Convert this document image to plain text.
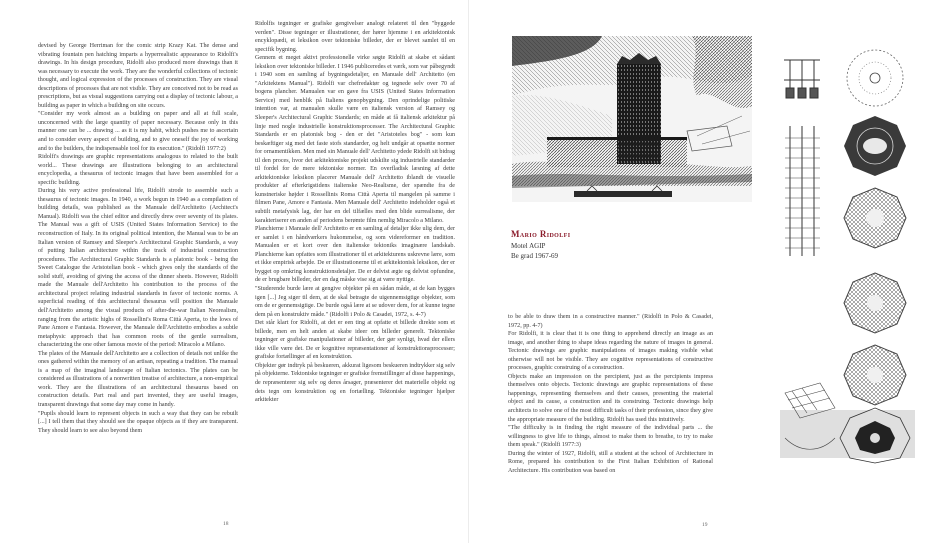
devised by George Herriman for the comic strip Krazy Kat. The dense and vibrating fountain pen hatching imparts a hyperrealistic appearance to Ridolfi's drawings. In his design procedure, Ridolfi also produced more drawings than it was necessary to execute the work. They are the wonderful collections of tectonic thought, and logical expression of the processes of construction. They are visual descriptions of processes that are not visible. They are conceived not to be read as prescriptions, but as visual suggestions carrying out a display of tectonic labour, a building as paper in which a building on site occurs.

"Consider my work almost as a building on paper and all at full scale, unconcerned with the large quantity of paper necessary. Because only in this manner one can be ... drawing ... as it is my habit, which pushes me to ascertain and to consider every aspect of building, and to give oneself the joy of working and to the builders, the indispensable tool for its execution." (Ridolfi 1977:2)

Ridolfi's drawings are graphic representations analogous to related to the built world... These drawings are illustrations belonging to an architectural encyclopedia, a thesaurus of tectonic images that have been assembled for a specific building.

During his very active professional life, Ridolfi strode to assemble such a thesaurus of tectonic images. In 1940, a work begun in 1940 as a compilation of building details, was published as the Manuale dell'Architetto (Architect's Manual). Ridolfi was the chief editor and directly drew over seventy of its plates. The Manual was a gift of USIS (United States Information Service) to the reconstruction of Italy. In its original political intention, the Manual was to be an Italian version of Ramsey and Sleeper's Architectural Graphic Standards, a way of putting Italian architecture within the track of industrial construction procedures. The Architectural Graphic Standards is a platonic book - being the Sweet Catalogue the Aristotelian book - which gives only the standards of the solid stuff, avoiding of giving the access of the dinner sheets. However, Ridolfi made the Manuale dell'Architetto his contribution to the process of the architectural project relating industrial standards in favor of tectonic norms. A superficial reading of this architectural thesaurus will position the Manuale dell'Architetto among the visual products of after-the-war Italian Neorealism, ranging from the artistic highs of Rossellini's Roma Città Aperta, to the lows of Pane Amore e Fantasia. However, the Manuale dell'Architetto embodies a subtle metaphysic approach that has common roots of the gentle surrealism, characterizing the one other famous movie of the period: Miracolo a Milano.

The plates of the Manuale dell'Architetto are a collection of details not unlike the ones gathered within the memory of an artisan, repeating a tradition. The manual is a map of the imaginal landscape of Italian tectonics. The plates can be considered as illustrations of a nonwritten treatise of architecture, a non-empirical work. They are the illustrations of an architectural thesaurus based on construction details. Part real and part invented, they are useful images, transparent drawings that some day may come in handy.

"Pupils should learn to represent objects in such a way that they can be rebuilt [...] I tell them that they should see the opaque objects as if they are transparent. They should learn to see also beyond them

Ridolfis tegninger er grafiske gengivelser analogt relateret til den "byggede verden". Disse tegninger er illustrationer, der hører hjemme i en arkitektonisk encyklopædi, et leksikon over tektoniske billeder, der er blevet samlet til en specifik bygning.

Gennem et meget aktivt professionelle virke søgte Ridolfi at skabe et sådant leksikon over tektoniske billeder. I 1946 publiceredes et værk, som var påbegyndt i 1940 som en samling af bygningsdetaljer, en Manuale dell' Architetto (en "Arkitektens Manual"). Ridolfi var chefredaktør og tegnede selv over 70 af bogens plancher. Manualen var en gave fra USIS (United States Information Service) med henblik på Italiens genopbygning. Den oprindelige politiske intention var, at manualen skulle være en italiensk version af Ramsey og Sleeper's Architectural Graphic Standards; en måde at få italiensk arkitektur på linje med nogle industrielle konstruktionsprocesser. The Architectural Graphic Standards er en platonisk bog - den er det "Aristoteles bog" - som kun beskæftiger sig med det faste stofs standarder, og helt undgår at opsætte normer for ornamentikken. Men med sin Manuale dell' Architetto ydede Ridolfi sit bidrag til den proces, hvor det arkitektoniske projekt udskilte sig industrielle standarder til fordel for de mere tektoniske normer. En overfladisk læsning af dette arkitektoniske leksikon placerer Manuale dell' Architetto iblandt de visuelle produkter af efterkrigstidens italienske Neo-Realisme, der spændte fra de kunstneriske højder i Rossellinis Roma Città Aperta til mangelen på samme i filmen Pane, Amore e Fantasia. Men Manuale dell' Architetto indeholder også et subtilt metafysisk lag, der har en del tilfælles med den blide surrealisme, der karakteriserer en anden af periodens berømte film nemlig Miracolo a Milano.

Planchierne i Manuale dell' Architetto er en samling af detaljer ikke ulig dem, der er samlet i en håndværkers hukommelse, og som videreformer en tradition. Manualen er et kort over den italienske tektoniks imaginære landskab. Planchierne kan opfattes som illustrationer til et arkitekturens uskrevne lære, som et ikke empirisk arbejde. De er illustrationerne til et arkitektonisk leksikon, der er bygget op omkring konstruktionsdetaljer. De er delvist ægte og delvist opfundne, de er brugbare billeder, der en dag måske vise sig at være nyttige.

"Studerende burde lære at gengive objekter på en sådan måde, at de kan bygges igen [...] Jeg siger til dem, at de skal betragte de uigennemsigtige objekter, som om de er gennemsigtige. De burde også lære at se udover dem, for at kunne tegne dem på en konstruktiv måde." (Ridolfi i Polo & Casadei, 1972, s. 4-7)

Det står klart for Ridolfi, at det er een ting at opfatte et billede direkte som et billede, men en helt anden at skabe ideer om billeder generelt. Tektoniske tegninger er grafiske manipulationer af billeder, der gør synligt, hvad der ellers ikke ville være det. De er kognitive repræsentationer af konstruktionsprocesser; grafiske fortællinger af en konstruktion.

Objekter gør indtryk på beskueren, akkurat ligesom beskueren indtrykker sig selv på objekterne. Tektoniske tegninger er grafiske fremstillinger af disse happenings, de repræsenterer sig selv og deres årsager, præsenterer det materielle objekt og dets tegn om konstruktion og en fortælling. Tektoniske tegninger hjælper arkitekter

18
Mario Ridolfi
Motel AGIP
Be grad 1967-69

to be able to draw them in a constructive manner." (Ridolfi in Polo & Casadei, 1972, pp. 4-7)

For Ridolfi, it is clear that it is one thing to apprehend directly an image as an image, and another thing to shape ideas regarding the nature of images in general. Tectonic drawings are graphic manipulations of images making visible what otherwise will not be visible. They are cognitive representations of constructive processes, graphic construing of a construction.

Objects make an impression on the percipient, just as the percipients impress themselves onto objects. Tectonic drawings are graphic representations of these happenings, representing themselves and their causes, presenting the material object and its cause, a construction and its construing. Tectonic drawings help architects to solve one of the most difficult tasks of their profession, since they give the appropriate measure of the building. Ridolfi has used this intuitively.

"The difficulty is in finding the right measure of the individual parts ... the willingness to give life to things, almost to make them to breathe, to try to make them speak." (Ridolfi 1977:3)

During the winter of 1927, Ridolfi, still a student at the school of Architecture in Rome, prepared his contribution to the First Italian Exhibition of Rational Architecture. His contribution was based on

19
